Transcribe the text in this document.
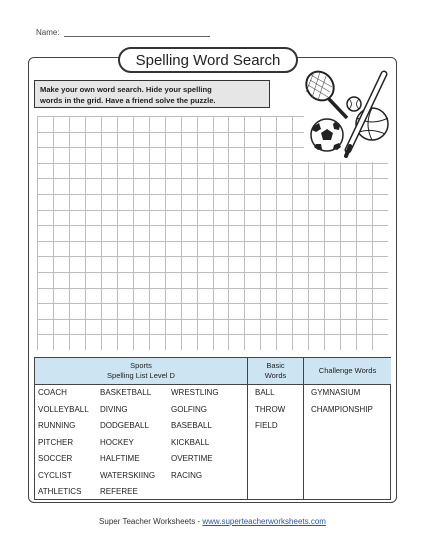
Name:
Spelling Word Search
Make your own word search. Hide your spelling
words in the grid. Have a friend solve the puzzle.
Sports
Spelling List Level D
Basic
Words
Challenge Words
COACH
VOLLEYBALL
RUNNING
PITCHER
SOCCER
CYCLIST
ATHLETICS
BASKETBALL
DIVING
DODGEBALL
HOCKEY
HALFTIME
WATERSKIING
REFEREE
WRESTLING
GOLFING
BASEBALL
KICKBALL
OVERTIME
RACING
BALL
THROW
FIELD
GYMNASIUM
CHAMPIONSHIP
Super Teacher Worksheets - www.superteacherworksheets.com
